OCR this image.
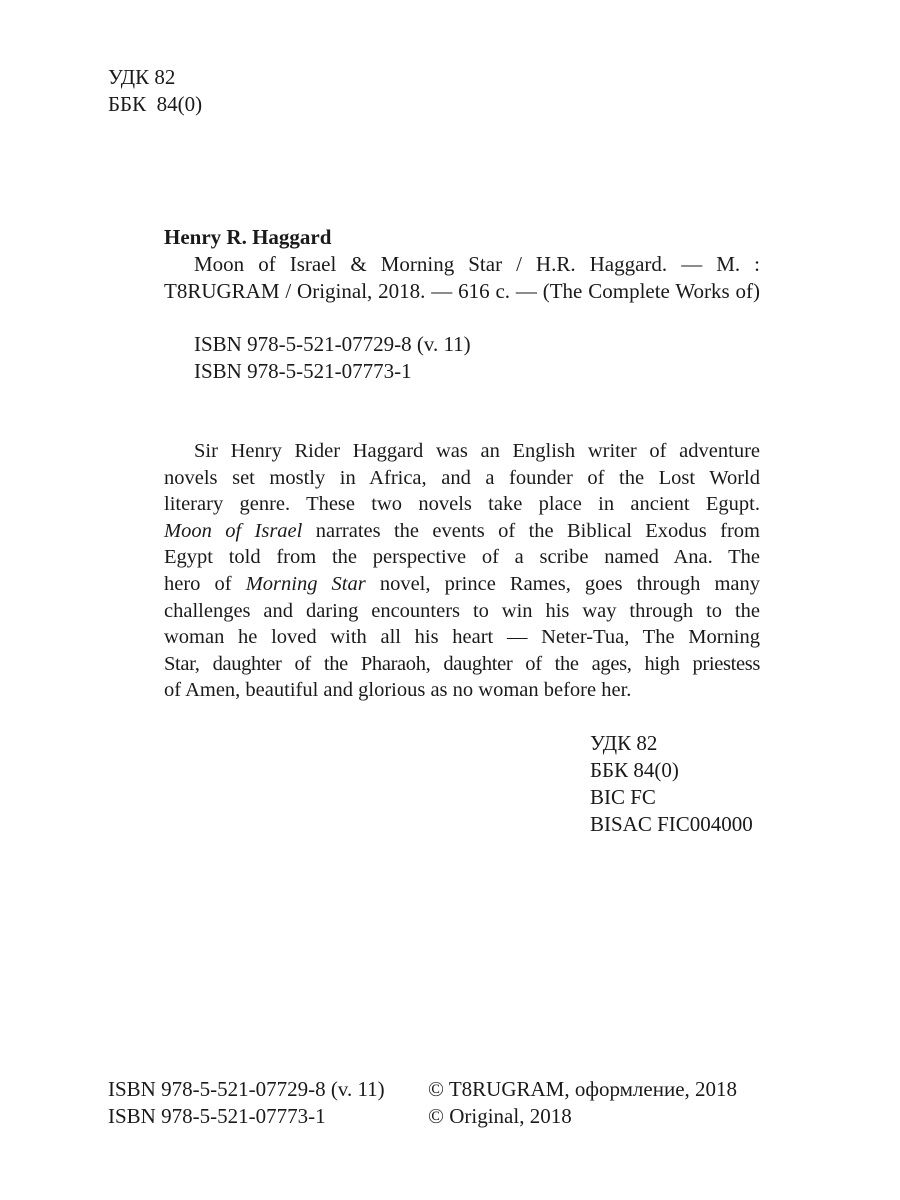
УДК 82
ББК  84(0)
Henry R. Haggard
Moon of Israel & Morning Star / H.R. Haggard. — M. :
T8RUGRAM / Original, 2018. — 616 c. — (The Complete Works of)
ISBN 978-5-521-07729-8 (v. 11)
ISBN 978-5-521-07773-1
Sir Henry Rider Haggard was an English writer of adventure
novels set mostly in Africa, and a founder of the Lost World
literary genre. These two novels take place in ancient Egupt.
Moon of Israel narrates the events of the Biblical Exodus from
Egypt told from the perspective of a scribe named Ana. The
hero of Morning Star novel, prince Rames, goes through many
challenges and daring encounters to win his way through to the
woman he loved with all his heart — Neter-Tua, The Morning
Star, daughter of the Pharaoh, daughter of the ages, high priestess
of Amen, beautiful and glorious as no woman before her.
УДК 82
ББК 84(0)
BIC FC
BISAC FIC004000
ISBN 978-5-521-07729-8 (v. 11)
ISBN 978-5-521-07773-1
© T8RUGRAM, оформление, 2018
© Original, 2018
